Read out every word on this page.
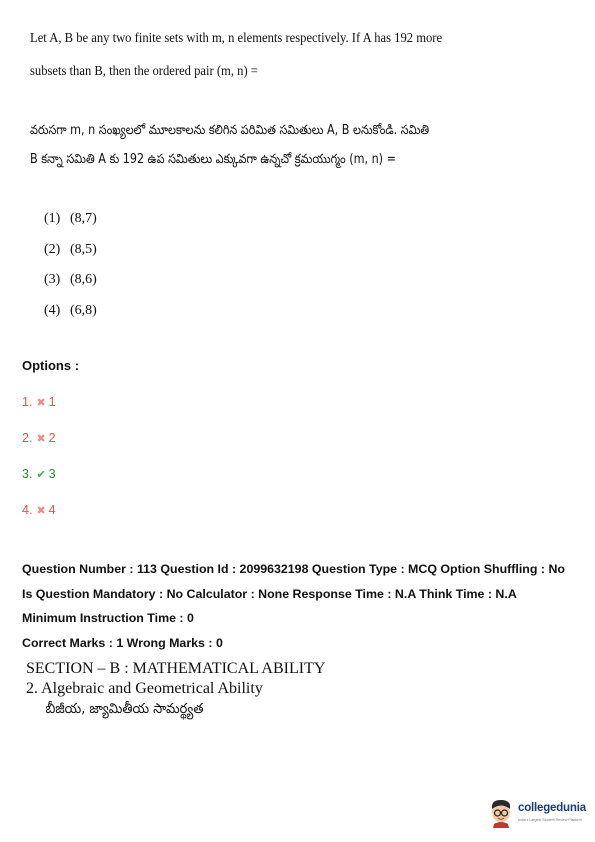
Let A, B be any two finite sets with m, n elements respectively. If A has 192 more
subsets than B, then the ordered pair (m, n) =
వరుసగా m, n సంఖ్యలలో మూలకాలను కలిగిన పరిమిత సమితులు A, B లనుకోండి. సమితి
B కన్నా సమితి A కు 192 ఉప సమితులు ఎక్కువగా ఉన్నచో క్రమయుగ్మం (m, n) =
(1) (8,7)
(2) (8,5)
(3) (8,6)
(4) (6,8)
Options :
1. ✖ 1
2. ✖ 2
3. ✔ 3
4. ✖ 4
Question Number : 113 Question Id : 2099632198 Question Type : MCQ Option Shuffling : No
Is Question Mandatory : No Calculator : None Response Time : N.A Think Time : N.A
Minimum Instruction Time : 0
Correct Marks : 1 Wrong Marks : 0
SECTION – B : MATHEMATICAL ABILITY
2. Algebraic and Geometrical Ability
బీజీయ, జ్యామితీయ సామర్థ్యత
collegedunia
India's Largest Student Review Platform
